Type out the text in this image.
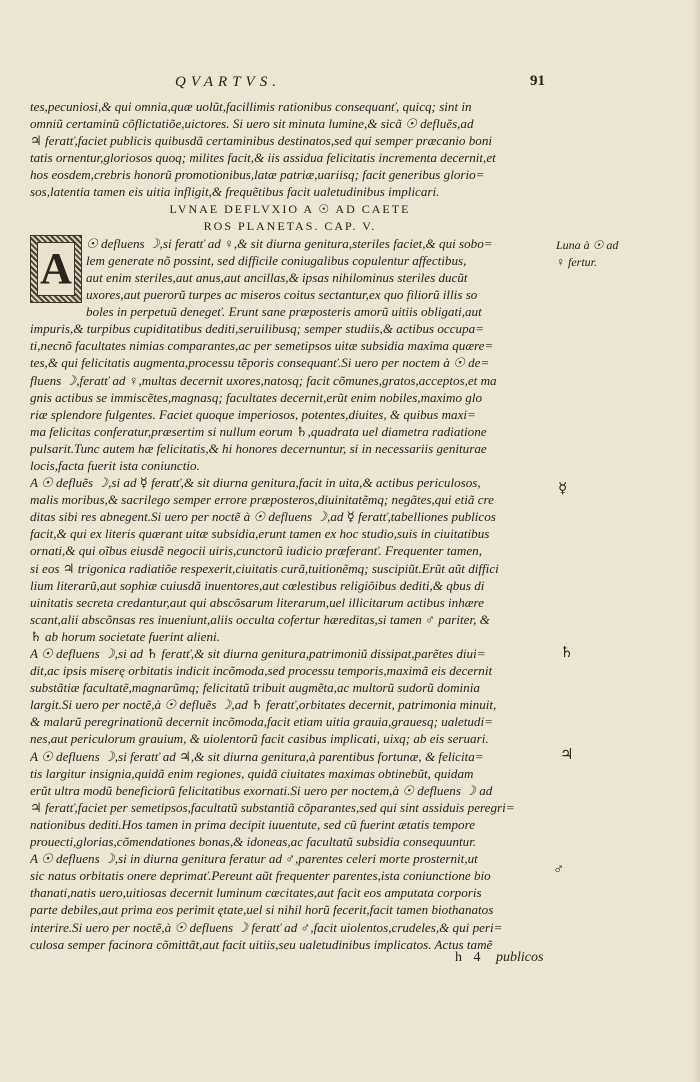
QVARTVS.	91
tes,pecuniosi,& qui omnia,quæ uolũt,facillimis rationibus consequanť, quicq; sint in
omniũ certaminũ cõflictatiõe,uictores. Si uero sit minuta lumine,& sicã ☉ defluẽs,ad
♃ feratť,faciet publicis quibusdã certaminibus destinatos,sed qui semper præcanio boni
tatis ornentur,gloriosos quoq; milites facit,& iis assidua felicitatis incrementa decernit,et
hos eosdem,crebris honorũ promotionibus,latæ patriæ,uariisq; facit generibus glorio=
sos,latentia tamen eis uitia infligit,& frequẽtibus facit ualetudinibus implicari.
LVNAE DEFLVXIO A ☉ AD CAETE
ROS PLANETAS. CAP. V.
A
☉ defluens ☽,si feratť ad ♀,& sit diurna genitura,steriles faciet,& qui sobo=
lem generate nõ possint, sed difficile coniugalibus copulentur affectibus,
aut enim steriles,aut anus,aut ancillas,& ipsas nihilominus steriles ducũt
uxores,aut puerorũ turpes ac miseros coitus sectantur,ex quo filiorũ illis so
boles in perpetuũ denegeť. Erunt sane præposteris amorũ uitiis obligati,aut
impuris,& turpibus cupiditatibus dediti,seruilibusq; semper studiis,& actibus occupa=
ti,necnõ facultates nimias comparantes,ac per semetipsos uitæ subsidia maxima quære=
tes,& qui felicitatis augmenta,processu tẽporis consequanť.Si uero per noctem à ☉ de=
fluens ☽,feratť ad ♀,multas decernit uxores,natosq; facit cõmunes,gratos,acceptos,et ma
gnis actibus se immiscẽtes,magnasq; facultates decernit,erũt enim nobiles,maximo glo
riæ splendore fulgentes. Faciet quoque imperiosos, potentes,diuites, & quibus maxi=
ma felicitas conferatur,præsertim si nullum eorum ♄,quadrata uel diametra radiatione
pulsarit.Tunc autem hæ felicitatis,& hi honores decernuntur, si in necessariis geniturae
locis,facta fuerit ista coniunctio.
A ☉ defluẽs ☽,si ad ☿ feratť,& sit diurna genitura,facit in uita,& actibus periculosos,
malis moribus,& sacrilego semper errore præposteros,diuinitatẽmq; negãtes,qui etiã cre
ditas sibi res abnegent.Si uero per noctẽ à ☉ defluens ☽,ad ☿ feratť,tabelliones publicos
facit,& qui ex literis quærant uitæ subsidia,erunt tamen ex hoc studio,suis in ciuitatibus
ornati,& qui oĩbus eiusdẽ negocii uiris,cunctorũ iudicio præferanť. Frequenter tamen,
si eos ♃ trigonica radiatiõe respexerit,ciuitatis curã,tuitionẽmq; suscipiũt.Erũt aũt diffici
lium literarũ,aut sophiæ cuiusdã inuentores,aut cœlestibus religiõibus dediti,& qbus di
uinitatis secreta credantur,aut qui abscõsarum literarum,uel illicitarum actibus inhære
scant,alii abscõnsas res inueniunt,aliis occulta cofertur hæreditas,si tamen ♂ pariter, &
♄ ab horum societate fuerint alieni.
A ☉ defluens ☽,si ad ♄ feratť,& sit diurna genitura,patrimoniũ dissipat,parẽtes diui=
dit,ac ipsis miserę orbitatis indicit incõmoda,sed processu temporis,maximã eis decernit
substãtiæ facultatẽ,magnarũmq; felicitatũ tribuit augmẽta,ac multorũ sudorũ dominia
largit.Si uero per noctẽ,à ☉ defluẽs ☽,ad ♄ feratť,orbitates decernit, patrimonia minuit,
& malarũ peregrinationũ decernit incõmoda,facit etiam uitia grauia,grauesq; ualetudi=
nes,aut periculorum grauium, & uiolentorũ facit casibus implicati, uixq; ab eis seruari.
A ☉ defluens ☽,si feratť ad ♃,& sit diurna genitura,à parentibus fortunæ, & felicita=
tis largitur insignia,quidã enim regiones, quidã ciuitates maximas obtinebũt, quidam
erũt ultra modũ beneficiorũ felicitatibus exornati.Si uero per noctem,à ☉ defluens ☽ ad
♃ feratť,faciet per semetipsos,facultatũ substantiã cõparantes,sed qui sint assiduis peregri=
nationibus dediti.Hos tamen in prima decipit iuuentute, sed cũ fuerint ætatis tempore
prouecti,glorias,cõmendationes bonas,& idoneas,ac facultatũ subsidia consequuntur.
A ☉ defluens ☽,si in diurna genitura feratur ad ♂,parentes celeri morte prosternit,ut
sic natus orbitatis onere deprimať.Pereunt aũt frequenter parentes,ista coniunctione bio
thanati,natis uero,uitiosas decernit luminum cæcitates,aut facit eos amputata corporis
parte debiles,aut prima eos perimit ętate,uel si nihil horũ fecerit,facit tamen biothanatos
interire.Si uero per noctẽ,à ☉ defluens ☽ feratť ad ♂,facit uiolentos,crudeles,& qui peri=
culosa semper facinora cõmittãt,aut facit uitiis,seu ualetudinibus implicatos. Actus tamẽ
Luna à ☉ ad
♀ fertur.
☿
♄
♃
♂
h 4 publicos
